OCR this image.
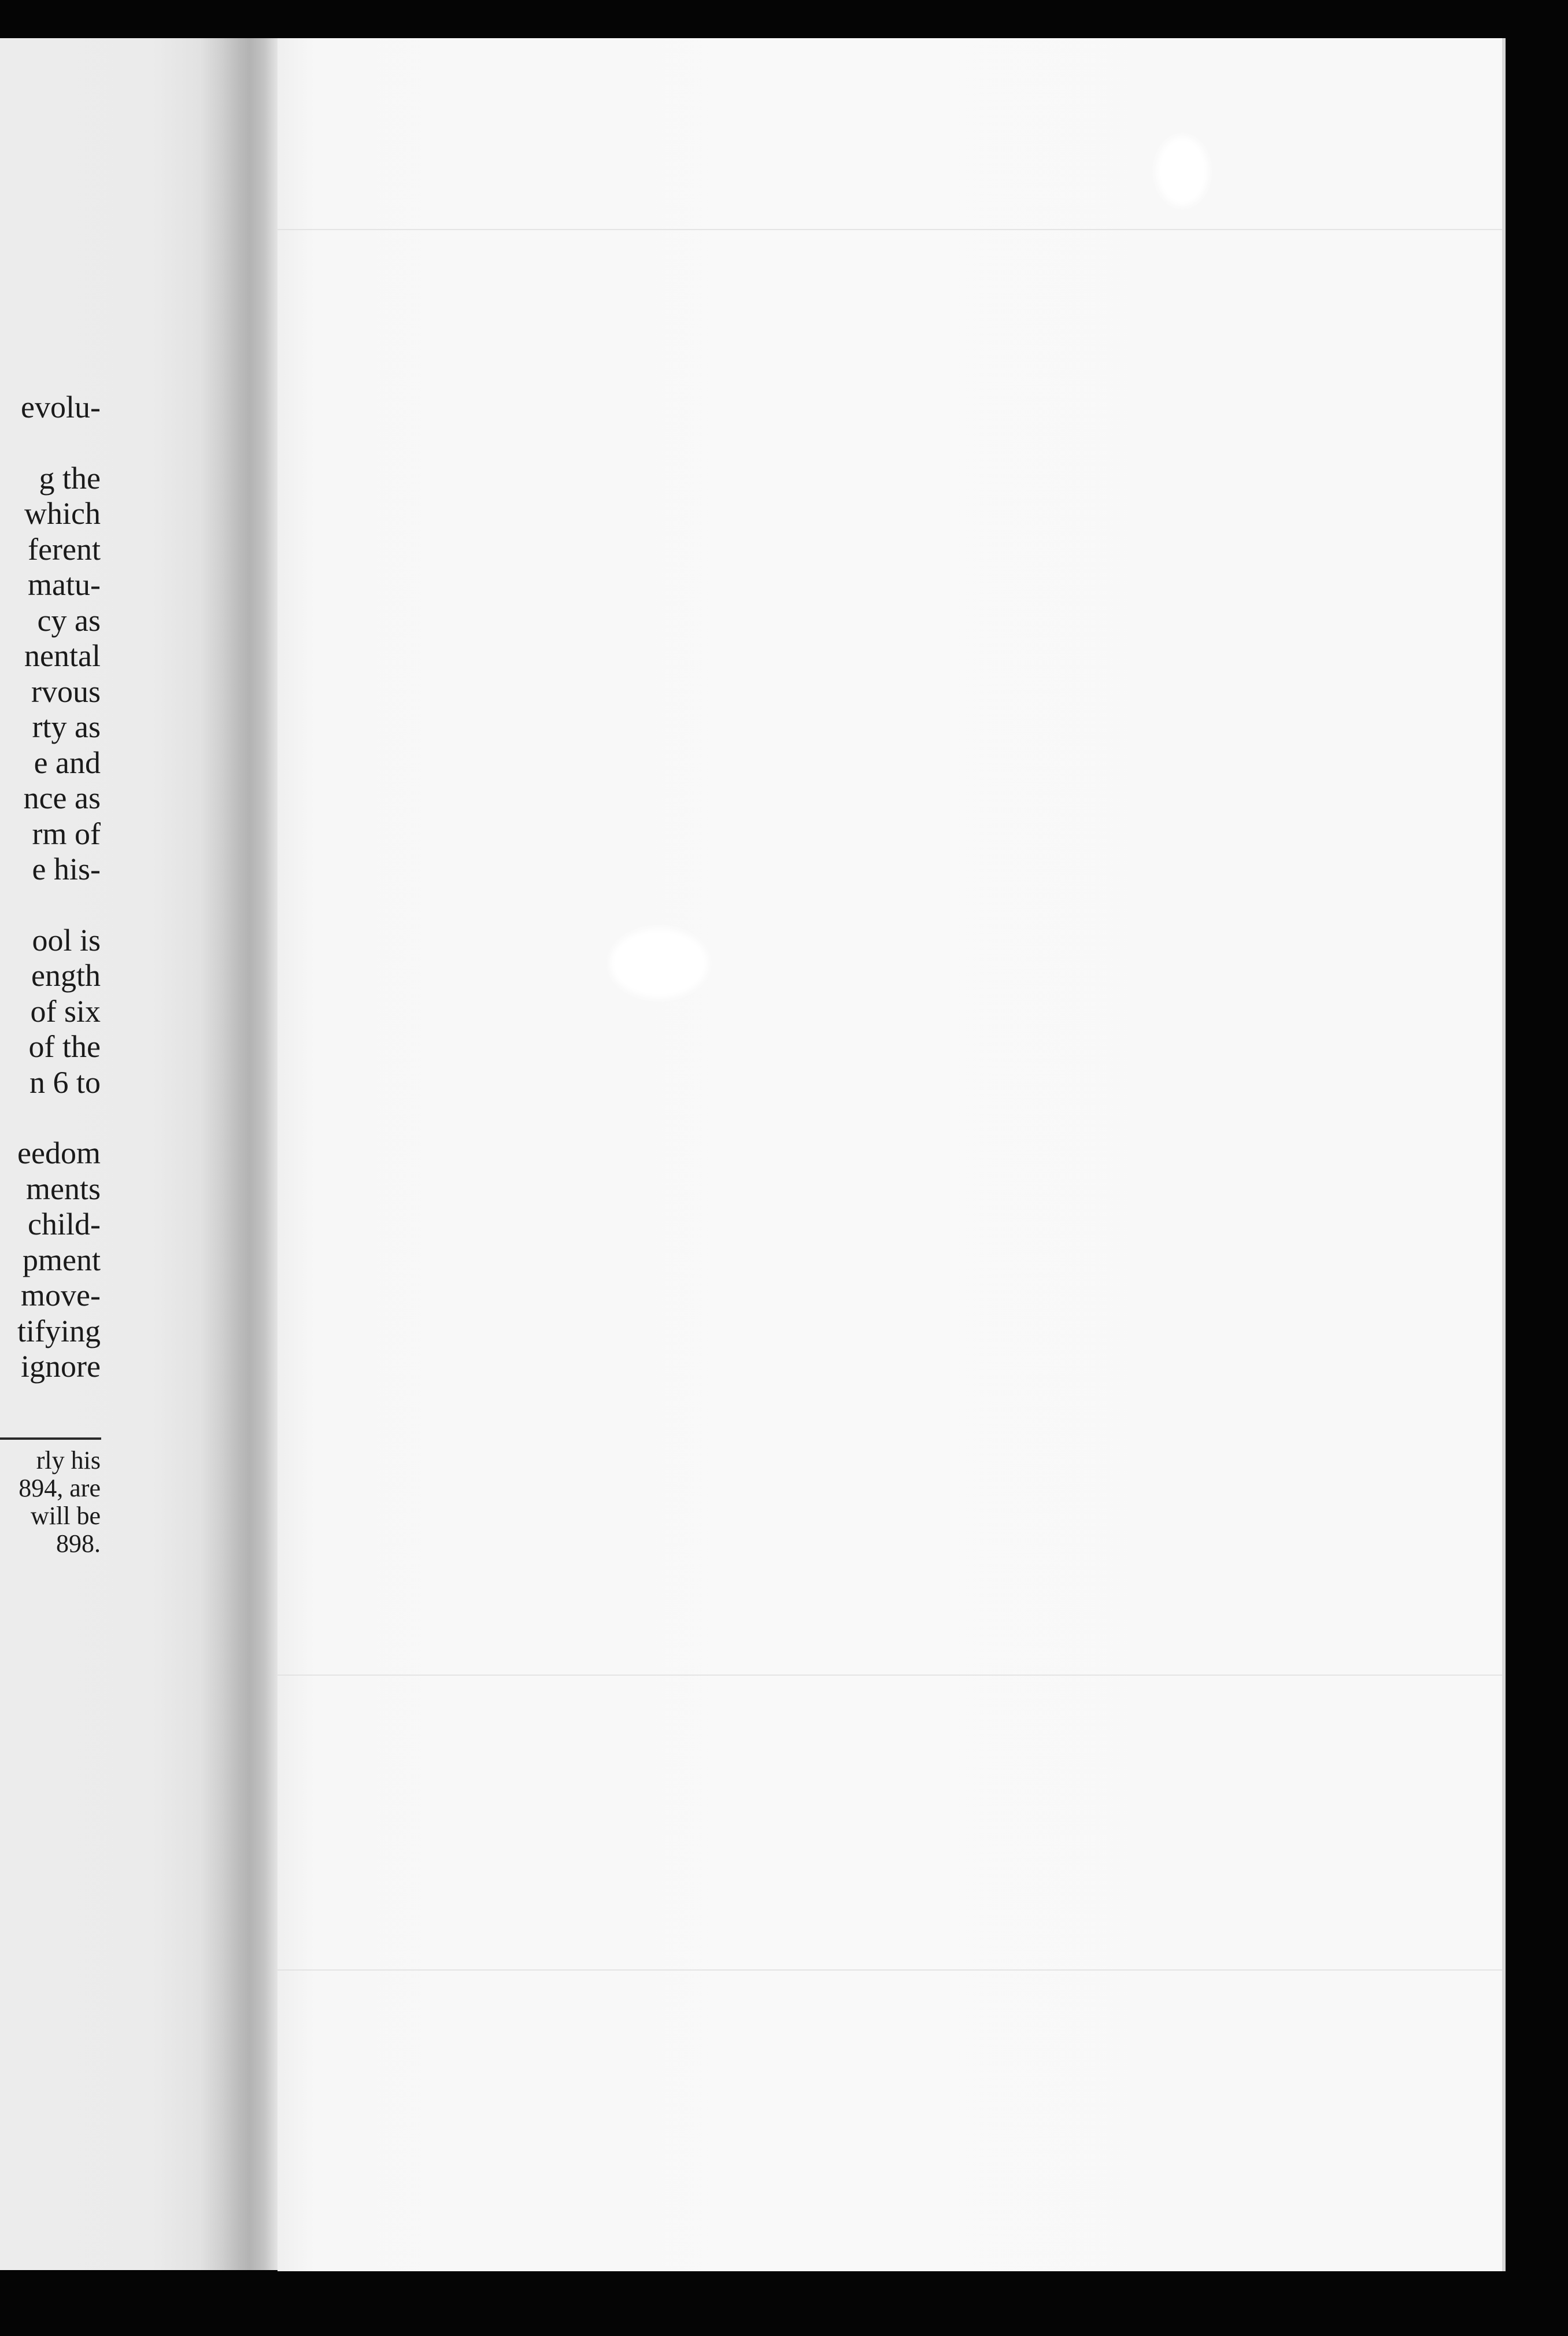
evolu-
g the
which
ferent
matu-
cy as
nental
rvous
rty as
e and
nce as
rm of
e his-
ool is
ength
of six
of the
n 6 to
eedom
ments
child-
pment
move-
tifying
ignore
rly his
894, are
will be
898.
